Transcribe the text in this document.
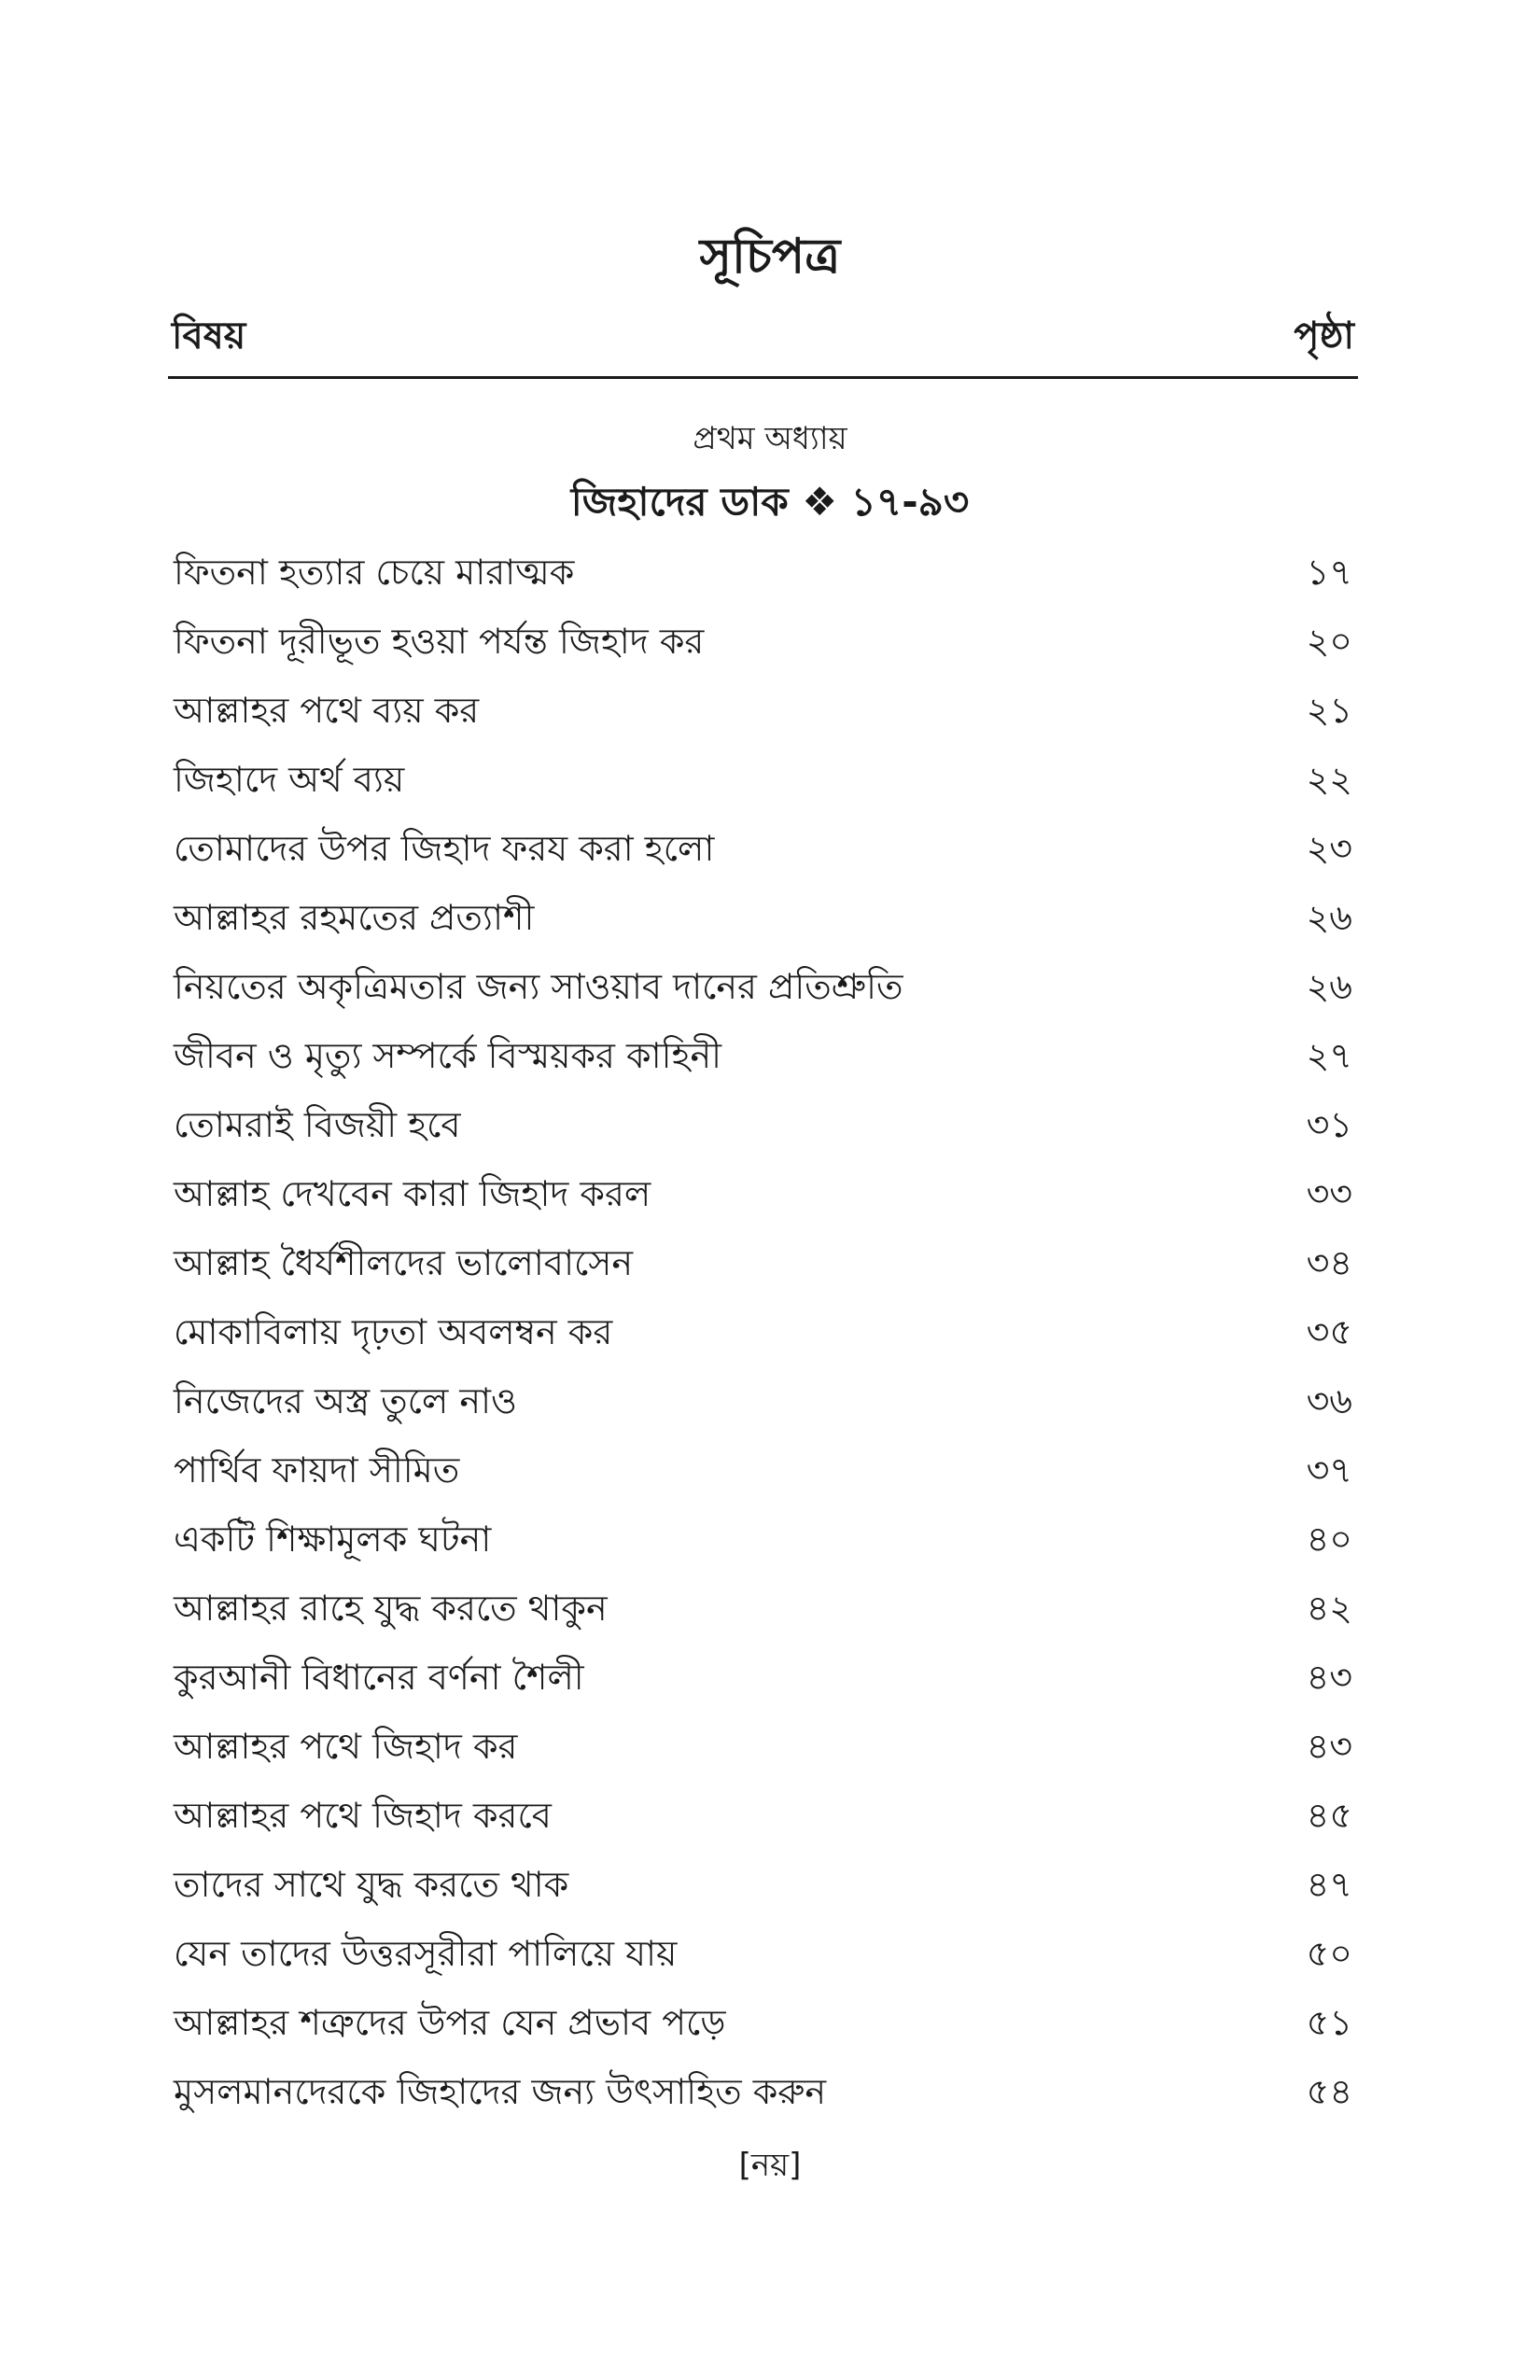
সূচিপত্র
বিষয়	পৃষ্ঠা
প্রথম অধ্যায়
জিহাদের ডাক ❖ ১৭-৯৩
ফিতনা হত্যার চেয়ে মারাত্মক	১৭
ফিতনা দূরীভূত হওয়া পর্যন্ত জিহাদ কর	২০
আল্লাহর পথে ব্যয় কর	২১
জিহাদে অর্থ ব্যয়	২২
তোমাদের উপর জিহাদ ফরয করা হলো	২৩
আল্লাহর রহমতের প্রত্যাশী	২৬
নিয়তের অকৃত্রিমতার জন্য সাওয়াব দানের প্রতিশ্রুতি	২৬
জীবন ও মৃত্যু সম্পর্কে বিস্ময়কর কাহিনী	২৭
তোমরাই বিজয়ী হবে	৩১
আল্লাহ দেখবেন কারা জিহাদ করল	৩৩
আল্লাহ ধৈর্যশীলদের ভালোবাসেন	৩৪
মোকাবিলায় দৃঢ়তা অবলম্বন কর	৩৫
নিজেদের অস্ত্র তুলে নাও	৩৬
পার্থিব ফায়দা সীমিত	৩৭
একটি শিক্ষামূলক ঘটনা	৪০
আল্লাহর রাহে যুদ্ধ করতে থাকুন	৪২
কুরআনী বিধানের বর্ণনা শৈলী	৪৩
আল্লাহর পথে জিহাদ কর	৪৩
আল্লাহর পথে জিহাদ করবে	৪৫
তাদের সাথে যুদ্ধ করতে থাক	৪৭
যেন তাদের উত্তরসূরীরা পালিয়ে যায়	৫০
আল্লাহর শত্রুদের উপর যেন প্রভাব পড়ে	৫১
মুসলমানদেরকে জিহাদের জন্য উৎসাহিত করুন	৫৪
[নয়]
